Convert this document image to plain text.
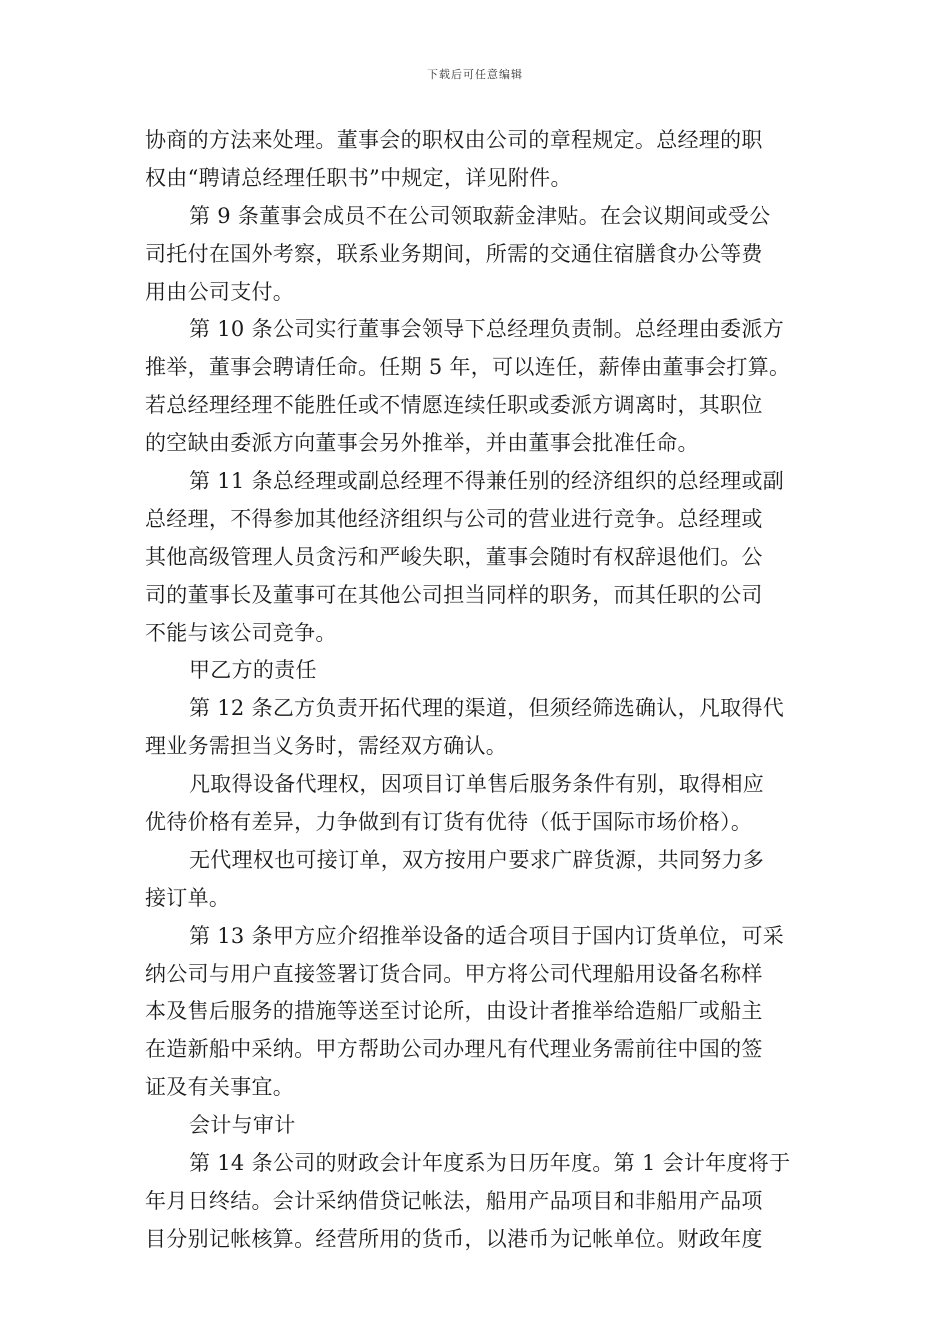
下载后可任意编辑
协商的方法来处理。董事会的职权由公司的章程规定。总经理的职
权由“聘请总经理任职书”中规定，详见附件。
第 9 条董事会成员不在公司领取薪金津贴。在会议期间或受公
司托付在国外考察，联系业务期间，所需的交通住宿膳食办公等费
用由公司支付。
第 10 条公司实行董事会领导下总经理负责制。总经理由委派方
推举，董事会聘请任命。任期 5 年，可以连任，薪俸由董事会打算。
若总经理经理不能胜任或不情愿连续任职或委派方调离时，其职位
的空缺由委派方向董事会另外推举，并由董事会批准任命。
第 11 条总经理或副总经理不得兼任别的经济组织的总经理或副
总经理，不得参加其他经济组织与公司的营业进行竞争。总经理或
其他高级管理人员贪污和严峻失职，董事会随时有权辞退他们。公
司的董事长及董事可在其他公司担当同样的职务，而其任职的公司
不能与该公司竞争。
甲乙方的责任
第 12 条乙方负责开拓代理的渠道，但须经筛选确认，凡取得代
理业务需担当义务时，需经双方确认。
凡取得设备代理权，因项目订单售后服务条件有别，取得相应
优待价格有差异，力争做到有订货有优待（低于国际市场价格）。
无代理权也可接订单，双方按用户要求广辟货源，共同努力多
接订单。
第 13 条甲方应介绍推举设备的适合项目于国内订货单位，可采
纳公司与用户直接签署订货合同。甲方将公司代理船用设备名称样
本及售后服务的措施等送至讨论所，由设计者推举给造船厂或船主
在造新船中采纳。甲方帮助公司办理凡有代理业务需前往中国的签
证及有关事宜。
会计与审计
第 14 条公司的财政会计年度系为日历年度。第 1 会计年度将于
年月日终结。会计采纳借贷记帐法，船用产品项目和非船用产品项
目分别记帐核算。经营所用的货币，以港币为记帐单位。财政年度
